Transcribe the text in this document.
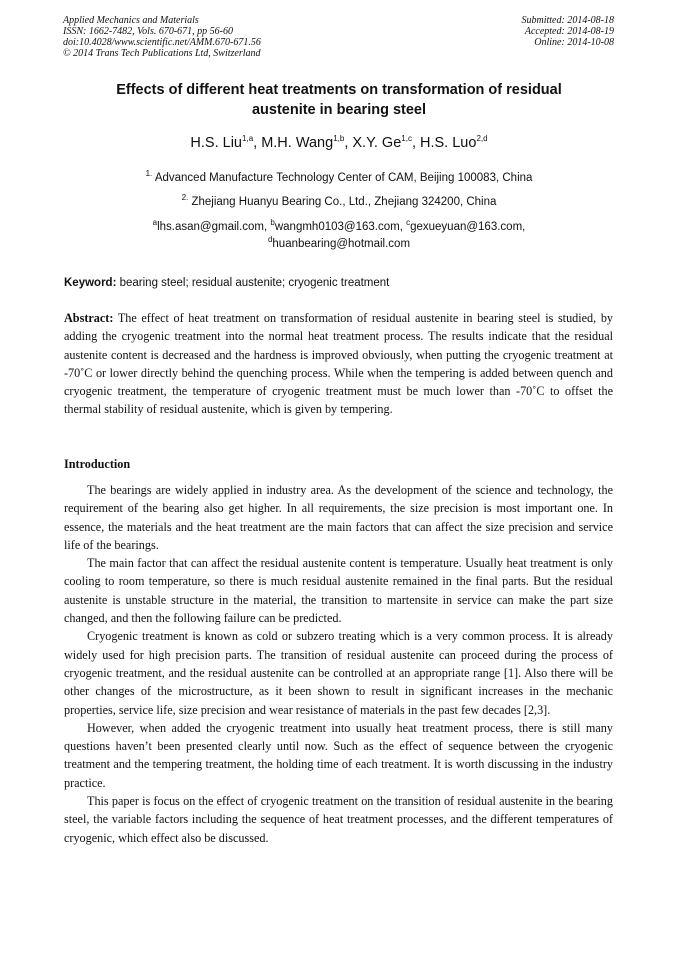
Applied Mechanics and Materials
ISSN: 1662-7482, Vols. 670-671, pp 56-60
doi:10.4028/www.scientific.net/AMM.670-671.56
© 2014 Trans Tech Publications Ltd, Switzerland
Submitted: 2014-08-18
Accepted: 2014-08-19
Online: 2014-10-08
Effects of different heat treatments on transformation of residual
austenite in bearing steel
H.S. Liu$^{1,a}$, M.H. Wang$^{1,b}$, X.Y. Ge$^{1,c}$, H.S. Luo$^{2,d}$
$^{1.}$ Advanced Manufacture Technology Center of CAM, Beijing 100083, China
$^{2.}$ Zhejiang Huanyu Bearing Co., Ltd., Zhejiang 324200, China
$^a$lhs.asan@gmail.com, $^b$wangmh0103@163.com, $^c$gexueyuan@163.com,
$^d$huanbearing@hotmail.com
Keyword: bearing steel; residual austenite; cryogenic treatment

Abstract: The effect of heat treatment on transformation of residual austenite in bearing steel is studied, by adding the cryogenic treatment into the normal heat treatment process. The results indicate that the residual austenite content is decreased and the hardness is improved obviously, when putting the cryogenic treatment at -70˚C or lower directly behind the quenching process. While when the tempering is added between quench and cryogenic treatment, the temperature of cryogenic treatment must be much lower than -70˚C to offset the thermal stability of residual austenite, which is given by tempering.

Introduction

The bearings are widely applied in industry area. As the development of the science and technology, the requirement of the bearing also get higher. In all requirements, the size precision is most important one. In essence, the materials and the heat treatment are the main factors that can affect the size precision and service life of the bearings.

The main factor that can affect the residual austenite content is temperature. Usually heat treatment is only cooling to room temperature, so there is much residual austenite remained in the final parts. But the residual austenite is unstable structure in the material, the transition to martensite in service can make the part size changed, and then the following failure can be predicted.

Cryogenic treatment is known as cold or subzero treating which is a very common process. It is already widely used for high precision parts. The transition of residual austenite can proceed during the process of cryogenic treatment, and the residual austenite can be controlled at an appropriate range [1]. Also there will be other changes of the microstructure, as it been shown to result in significant increases in the mechanic properties, service life, size precision and wear resistance of materials in the past few decades [2,3].

However, when added the cryogenic treatment into usually heat treatment process, there is still many questions haven’t been presented clearly until now. Such as the effect of sequence between the cryogenic treatment and the tempering treatment, the holding time of each treatment. It is worth discussing in the industry practice.

This paper is focus on the effect of cryogenic treatment on the transition of residual austenite in the bearing steel, the variable factors including the sequence of heat treatment processes, and the different temperatures of cryogenic, which effect also be discussed.
